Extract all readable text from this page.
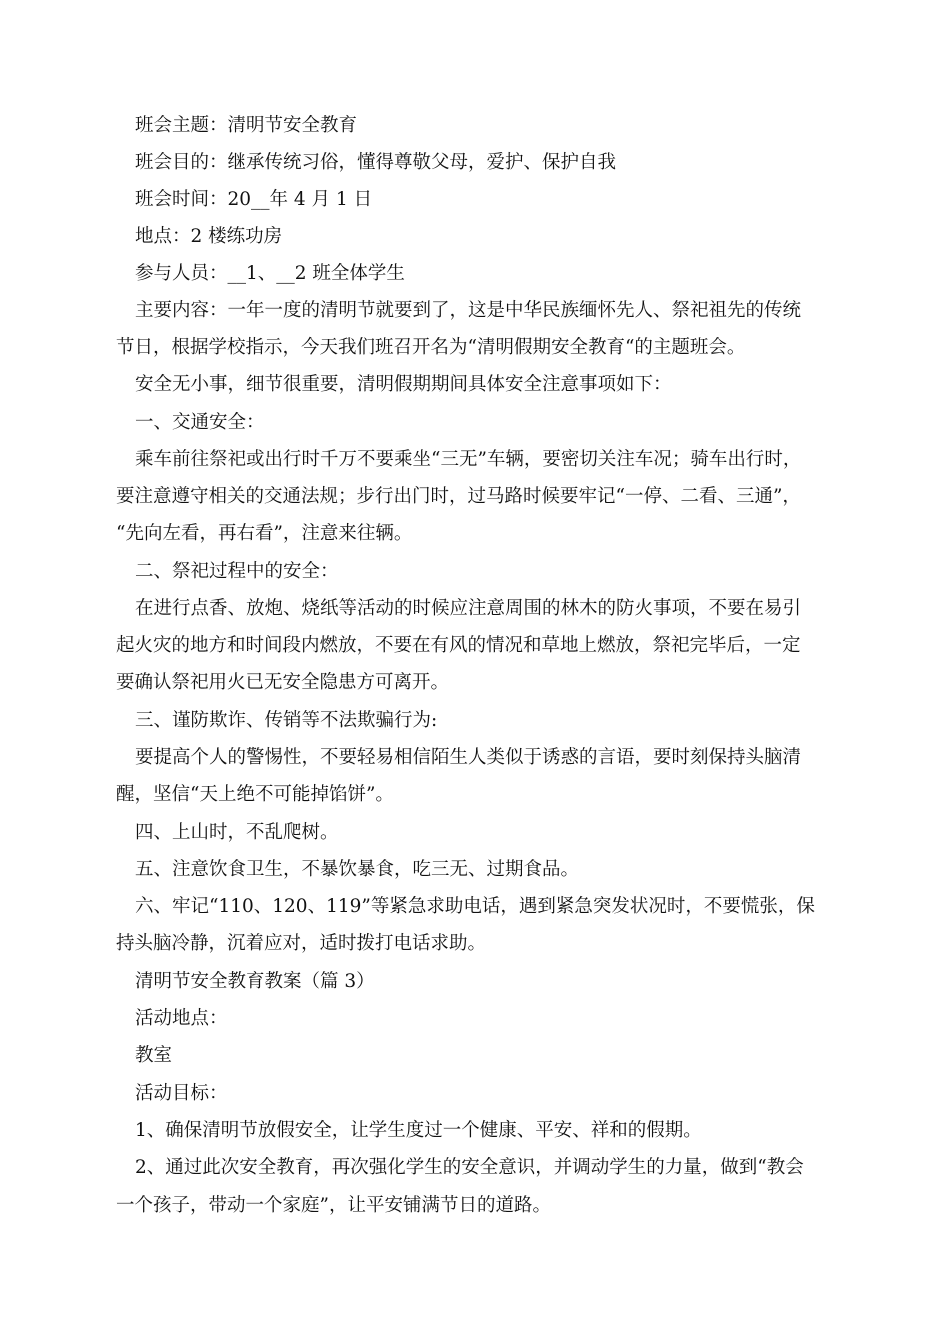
班会主题：清明节安全教育
班会目的：继承传统习俗，懂得尊敬父母，爱护、保护自我
班会时间：20__年 4 月 1 日
地点：2 楼练功房
参与人员：__1、__2 班全体学生
主要内容：一年一度的清明节就要到了，这是中华民族缅怀先人、祭祀祖先的传统
节日，根据学校指示，今天我们班召开名为“清明假期安全教育“的主题班会。
安全无小事，细节很重要，清明假期期间具体安全注意事项如下：
一、交通安全：
乘车前往祭祀或出行时千万不要乘坐“三无”车辆，要密切关注车况；骑车出行时，
要注意遵守相关的交通法规；步行出门时，过马路时候要牢记“一停、二看、三通”，
“先向左看，再右看”，注意来往辆。
二、祭祀过程中的安全：
在进行点香、放炮、烧纸等活动的时候应注意周围的林木的防火事项，不要在易引
起火灾的地方和时间段内燃放，不要在有风的情况和草地上燃放，祭祀完毕后，一定
要确认祭祀用火已无安全隐患方可离开。
三、谨防欺诈、传销等不法欺骗行为:
要提高个人的警惕性，不要轻易相信陌生人类似于诱惑的言语，要时刻保持头脑清
醒，坚信“天上绝不可能掉馅饼”。
四、上山时，不乱爬树。
五、注意饮食卫生，不暴饮暴食，吃三无、过期食品。
六、牢记“110、120、119”等紧急求助电话，遇到紧急突发状况时，不要慌张，保
持头脑冷静，沉着应对，适时拨打电话求助。
清明节安全教育教案（篇 3）
活动地点：
教室
活动目标：
1、确保清明节放假安全，让学生度过一个健康、平安、祥和的假期。
2、通过此次安全教育，再次强化学生的安全意识，并调动学生的力量，做到“教会
一个孩子，带动一个家庭”，让平安铺满节日的道路。
